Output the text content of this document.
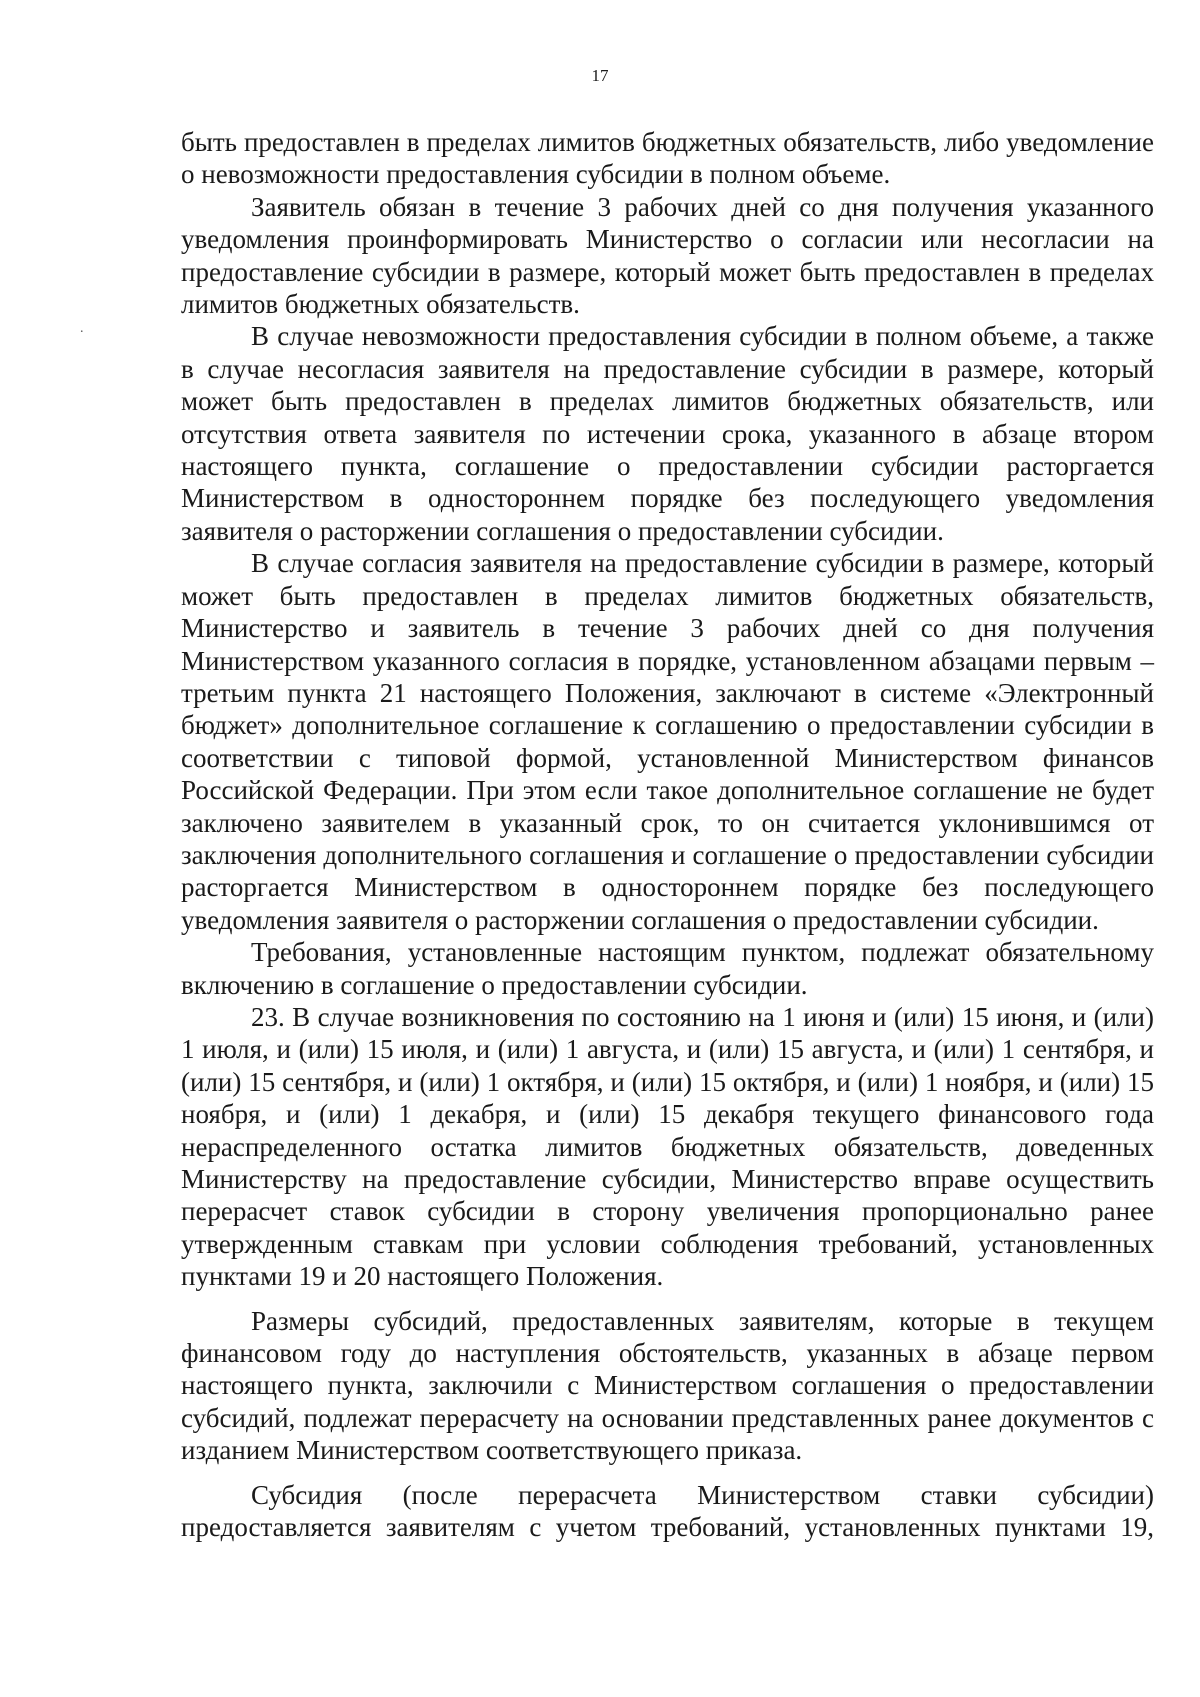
17
.

быть предоставлен в пределах лимитов бюджетных обязательств, либо уведомление о невозможности предоставления субсидии в полном объеме.

Заявитель обязан в течение 3 рабочих дней со дня получения указанного уведомления проинформировать Министерство о согласии или несогласии на предоставление субсидии в размере, который может быть предоставлен в пределах лимитов бюджетных обязательств.

В случае невозможности предоставления субсидии в полном объеме, а также в случае несогласия заявителя на предоставление субсидии в размере, который может быть предоставлен в пределах лимитов бюджетных обязательств, или отсутствия ответа заявителя по истечении срока, указанного в абзаце втором настоящего пункта, соглашение о предоставлении субсидии расторгается Министерством в одностороннем порядке без последующего уведомления заявителя о расторжении соглашения о предоставлении субсидии.

В случае согласия заявителя на предоставление субсидии в размере, который может быть предоставлен в пределах лимитов бюджетных обязательств, Министерство и заявитель в течение 3 рабочих дней со дня получения Министерством указанного согласия в порядке, установленном абзацами первым – третьим пункта 21 настоящего Положения, заключают в системе «Электронный бюджет» дополнительное соглашение к соглашению о предоставлении субсидии в соответствии с типовой формой, установленной Министерством финансов Российской Федерации. При этом если такое дополнительное соглашение не будет заключено заявителем в указанный срок, то он считается уклонившимся от заключения дополнительного соглашения и соглашение о предоставлении субсидии расторгается Министерством в одностороннем порядке без последующего уведомления заявителя о расторжении соглашения о предоставлении субсидии.

Требования, установленные настоящим пунктом, подлежат обязательному включению в соглашение о предоставлении субсидии.

23. В случае возникновения по состоянию на 1 июня и (или) 15 июня, и (или) 1 июля, и (или) 15 июля, и (или) 1 августа, и (или) 15 августа, и (или) 1 сентября, и (или) 15 сентября, и (или) 1 октября, и (или) 15 октября, и (или) 1 ноября, и (или) 15 ноября, и (или) 1 декабря, и (или) 15 декабря текущего финансового года нераспределенного остатка лимитов бюджетных обязательств, доведенных Министерству на предоставление субсидии, Министерство вправе осуществить перерасчет ставок субсидии в сторону увеличения пропорционально ранее утвержденным ставкам при условии соблюдения требований, установленных пунктами 19 и 20 настоящего Положения.

Размеры субсидий, предоставленных заявителям, которые в текущем финансовом году до наступления обстоятельств, указанных в абзаце первом настоящего пункта, заключили с Министерством соглашения о предоставлении субсидий, подлежат перерасчету на основании представленных ранее документов с изданием Министерством соответствующего приказа.

Субсидия (после перерасчета Министерством ставки субсидии) предоставляется заявителям с учетом требований, установленных пунктами 19,
